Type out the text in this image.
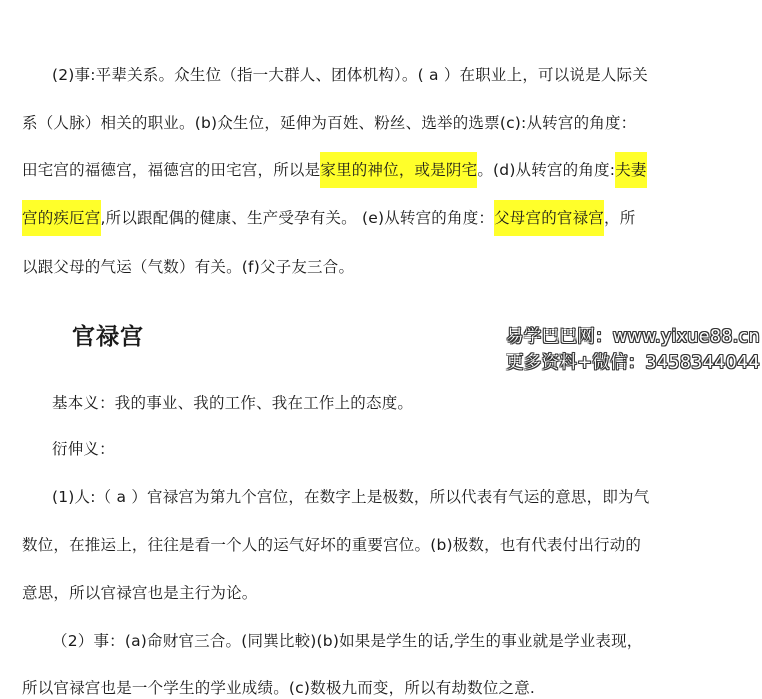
(2)事:平辈关系。众生位（指一大群人、团体机构）。( a ）在职业上，可以说是人际关
系（人脉）相关的职业。(b)众生位，延伸为百姓、粉丝、选举的选票(c):从转宫的角度：
田宅宫的福德宫，福德宫的田宅宫，所以是家里的神位，或是阴宅。(d)从转宫的角度:夫妻
宫的疾厄宫,所以跟配偶的健康、生产受孕有关。 (e)从转宫的角度：父母宫的官禄宫，所
以跟父母的气运（气数）有关。(f)父子友三合。
官禄宫	易学巴巴网：www.yixue88.cn
更多资料+微信：3458344044
基本义：我的事业、我的工作、我在工作上的态度。
衍伸义：
(1)人:（ a ）官禄宫为第九个宫位，在数字上是极数，所以代表有气运的意思，即为气
数位，在推运上，往往是看一个人的运气好坏的重要宫位。(b)极数，也有代表付出行动的
意思，所以官禄宫也是主行为论。
（2）事：(a)命财官三合。(同巽比較)(b)如果是学生的话,学生的事业就是学业表现，
所以官禄宫也是一个学生的学业成绩。(c)数极九而变，所以有劫数位之意.
